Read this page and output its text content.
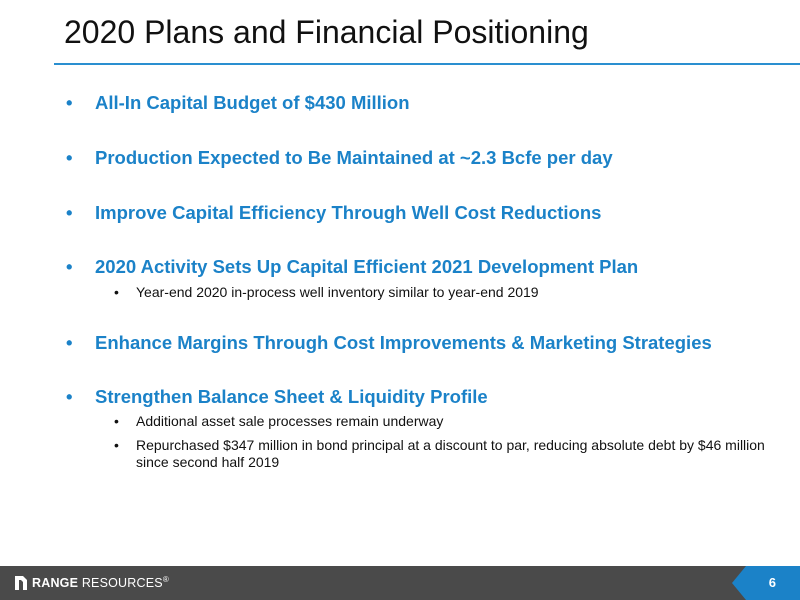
2020 Plans and Financial Positioning
• All-In Capital Budget of $430 Million
• Production Expected to Be Maintained at ~2.3 Bcfe per day
• Improve Capital Efficiency Through Well Cost Reductions
• 2020 Activity Sets Up Capital Efficient 2021 Development Plan
• Year-end 2020 in-process well inventory similar to year-end 2019
• Enhance Margins Through Cost Improvements & Marketing Strategies
• Strengthen Balance Sheet & Liquidity Profile
• Additional asset sale processes remain underway
• Repurchased $347 million in bond principal at a discount to par, reducing absolute debt by $46 million since second half 2019
RANGE RESOURCES®	6
